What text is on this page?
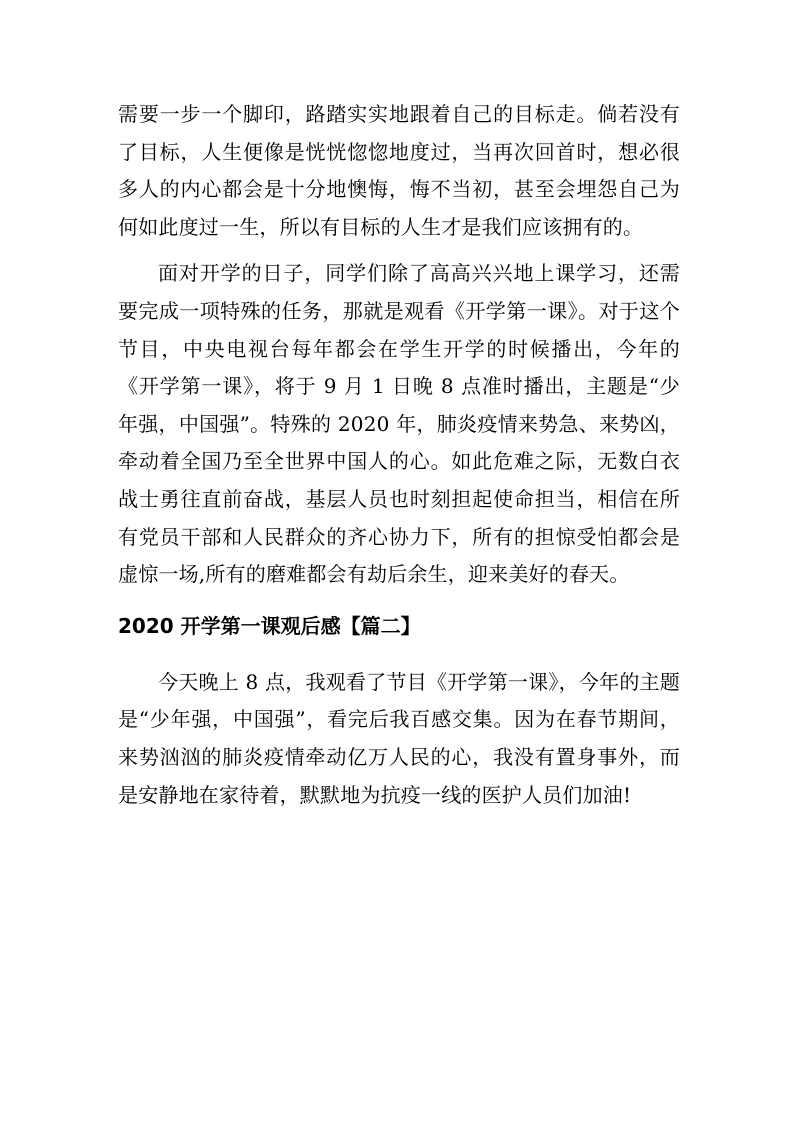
需要一步一个脚印，路踏实实地跟着自己的目标走。倘若没有了目标，人生便像是恍恍惚惚地度过，当再次回首时，想必很多人的内心都会是十分地懊悔，悔不当初，甚至会埋怨自己为何如此度过一生，所以有目标的人生才是我们应该拥有的。

面对开学的日子，同学们除了高高兴兴地上课学习，还需要完成一项特殊的任务，那就是观看《开学第一课》。对于这个节目，中央电视台每年都会在学生开学的时候播出，今年的《开学第一课》，将于 9 月 1 日晚 8 点准时播出，主题是“少年强，中国强”。特殊的 2020 年，肺炎疫情来势急、来势凶，牵动着全国乃至全世界中国人的心。如此危难之际，无数白衣战士勇往直前奋战，基层人员也时刻担起使命担当，相信在所有党员干部和人民群众的齐心协力下，所有的担惊受怕都会是虚惊一场,所有的磨难都会有劫后余生，迎来美好的春天。

2020 开学第一课观后感【篇二】

今天晚上 8 点，我观看了节目《开学第一课》，今年的主题是“少年强，中国强”，看完后我百感交集。因为在春节期间，来势汹汹的肺炎疫情牵动亿万人民的心，我没有置身事外，而是安静地在家待着，默默地为抗疫一线的医护人员们加油!
